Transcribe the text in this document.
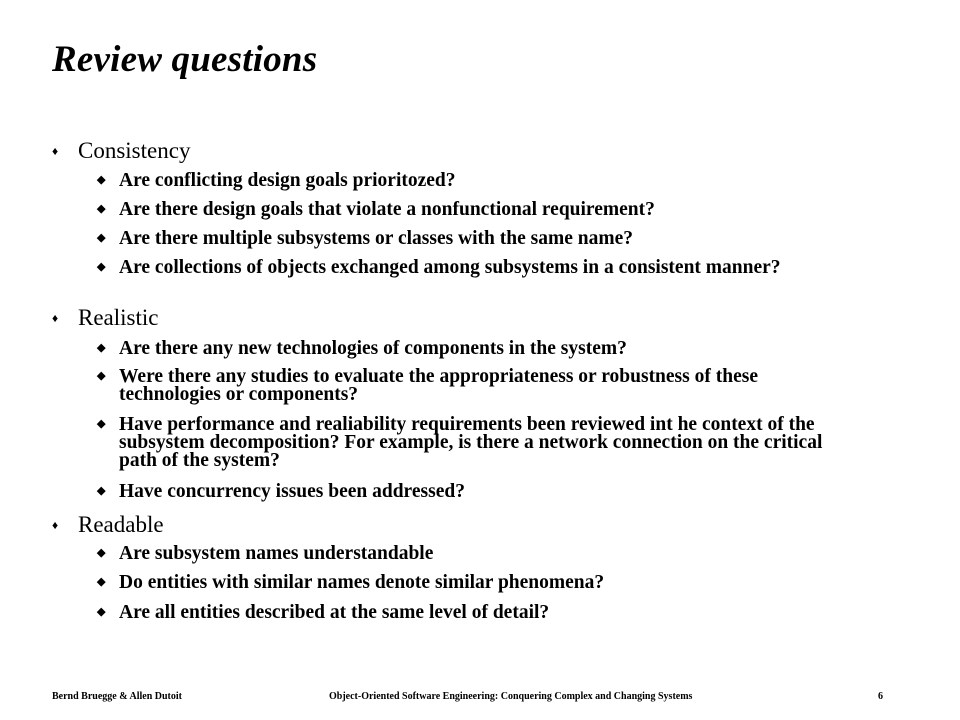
Review questions
♦ Consistency
◆ Are conflicting design goals prioritozed?
◆ Are there design goals that violate a nonfunctional requirement?
◆ Are there multiple subsystems or classes with the same name?
◆ Are collections of objects exchanged among subsystems in a consistent manner?
♦ Realistic
◆ Are there any new technologies of components in the system?
◆ Were there any studies to evaluate the appropriateness or robustness of these technologies or components?
◆ Have performance and realiability requirements been reviewed int he context of the subsystem decomposition? For example, is there a network connection on the critical path of the system?
◆ Have concurrency issues been addressed?
♦ Readable
◆ Are subsystem names understandable
◆ Do entities with similar names denote similar phenomena?
◆ Are all entities described at the same level of detail?
Bernd Bruegge & Allen Dutoit	Object-Oriented Software Engineering: Conquering Complex and Changing Systems	6
